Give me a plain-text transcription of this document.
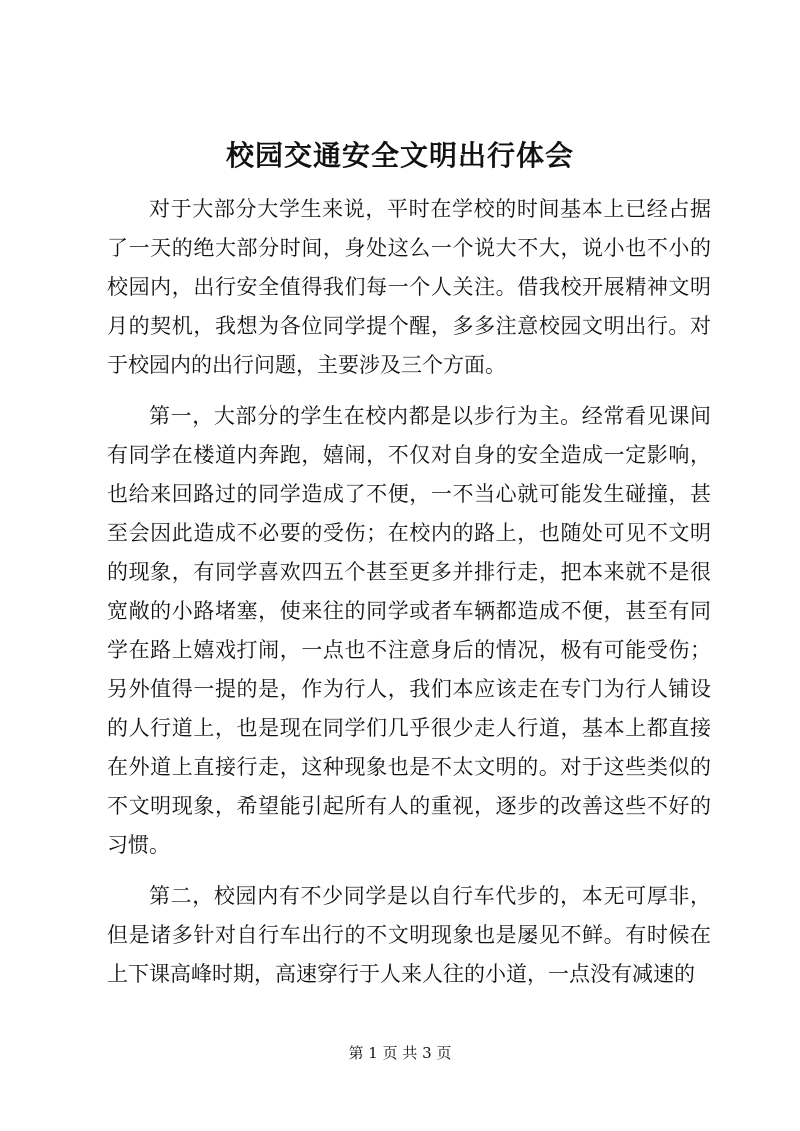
校园交通安全文明出行体会

对于大部分大学生来说，平时在学校的时间基本上已经占据了一天的绝大部分时间，身处这么一个说大不大，说小也不小的校园内，出行安全值得我们每一个人关注。借我校开展精神文明月的契机，我想为各位同学提个醒，多多注意校园文明出行。对于校园内的出行问题，主要涉及三个方面。

第一，大部分的学生在校内都是以步行为主。经常看见课间有同学在楼道内奔跑，嬉闹，不仅对自身的安全造成一定影响，也给来回路过的同学造成了不便，一不当心就可能发生碰撞，甚至会因此造成不必要的受伤；在校内的路上，也随处可见不文明的现象，有同学喜欢四五个甚至更多并排行走，把本来就不是很宽敞的小路堵塞，使来往的同学或者车辆都造成不便，甚至有同学在路上嬉戏打闹，一点也不注意身后的情况，极有可能受伤；另外值得一提的是，作为行人，我们本应该走在专门为行人铺设的人行道上，也是现在同学们几乎很少走人行道，基本上都直接在外道上直接行走，这种现象也是不太文明的。对于这些类似的不文明现象，希望能引起所有人的重视，逐步的改善这些不好的习惯。

第二，校园内有不少同学是以自行车代步的，本无可厚非，但是诸多针对自行车出行的不文明现象也是屡见不鲜。有时候在上下课高峰时期，高速穿行于人来人往的小道，一点没有减速的

第 1 页 共 3 页
